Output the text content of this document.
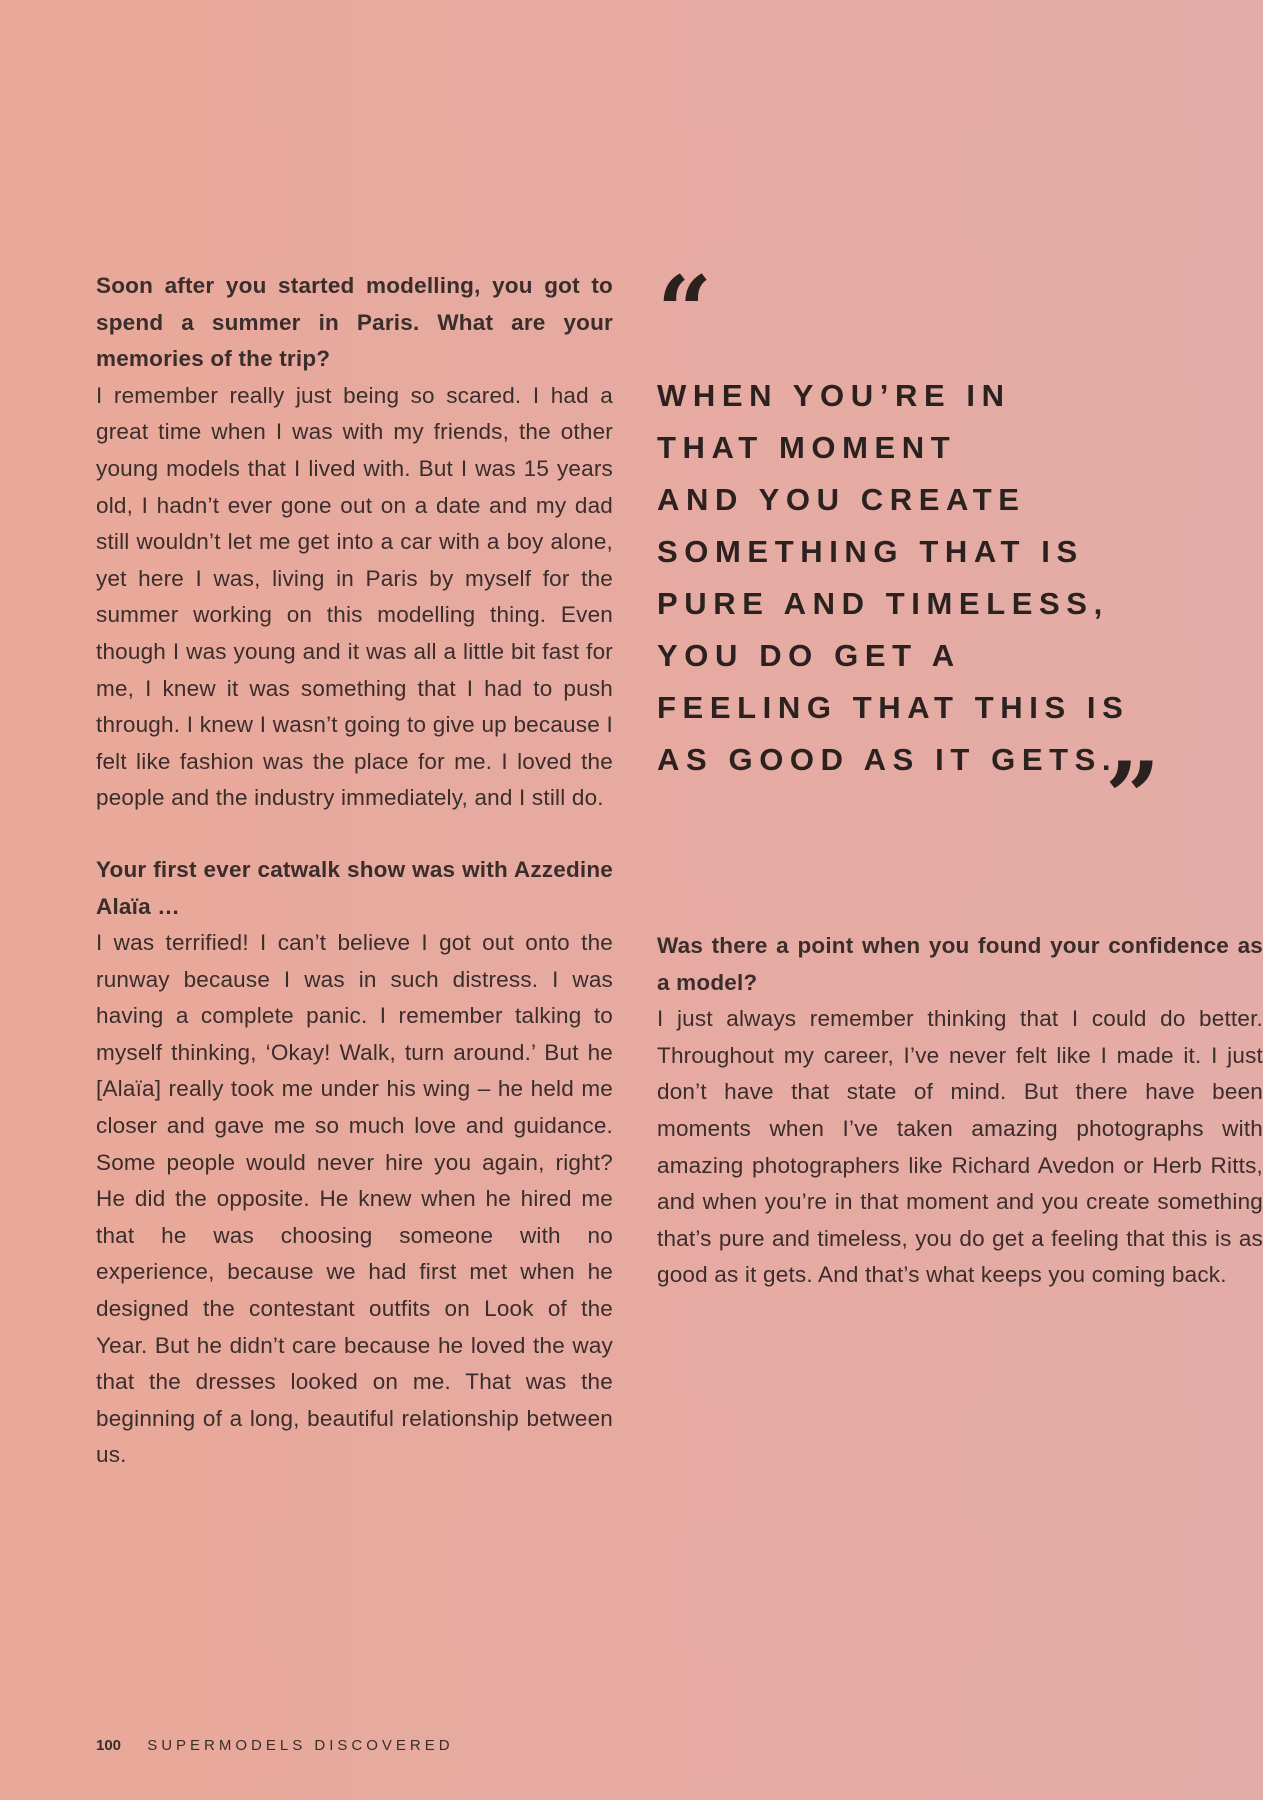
Soon after you started modelling, you got to spend a summer in Paris. What are your memories of the trip?

I remember really just being so scared. I had a great time when I was with my friends, the other young models that I lived with. But I was 15 years old, I hadn’t ever gone out on a date and my dad still wouldn’t let me get into a car with a boy alone, yet here I was, living in Paris by myself for the summer working on this modelling thing. Even though I was young and it was all a little bit fast for me, I knew it was something that I had to push through. I knew I wasn’t going to give up because I felt like fashion was the place for me. I loved the people and the industry immediately, and I still do.

Your first ever catwalk show was with Azzedine Alaïa …

I was terrified! I can’t believe I got out onto the runway because I was in such distress. I was having a complete panic. I remember talking to myself thinking, ‘Okay! Walk, turn around.’ But he [Alaïa] really took me under his wing – he held me closer and gave me so much love and guidance. Some people would never hire you again, right? He did the opposite. He knew when he hired me that he was choosing someone with no experience, because we had first met when he designed the contestant outfits on Look of the Year. But he didn’t care because he loved the way that the dresses looked on me. That was the beginning of a long, beautiful relationship between us.

“

WHEN YOU’RE IN
THAT MOMENT
AND YOU CREATE
SOMETHING THAT IS
PURE AND TIMELESS,
YOU DO GET A
FEELING THAT THIS IS
AS GOOD AS IT GETS.

”

Was there a point when you found your confidence as a model?

I just always remember thinking that I could do better. Throughout my career, I’ve never felt like I made it. I just don’t have that state of mind. But there have been moments when I’ve taken amazing photographs with amazing photographers like Richard Avedon or Herb Ritts, and when you’re in that moment and you create something that’s pure and timeless, you do get a feeling that this is as good as it gets. And that’s what keeps you coming back.

100 SUPERMODELS DISCOVERED
